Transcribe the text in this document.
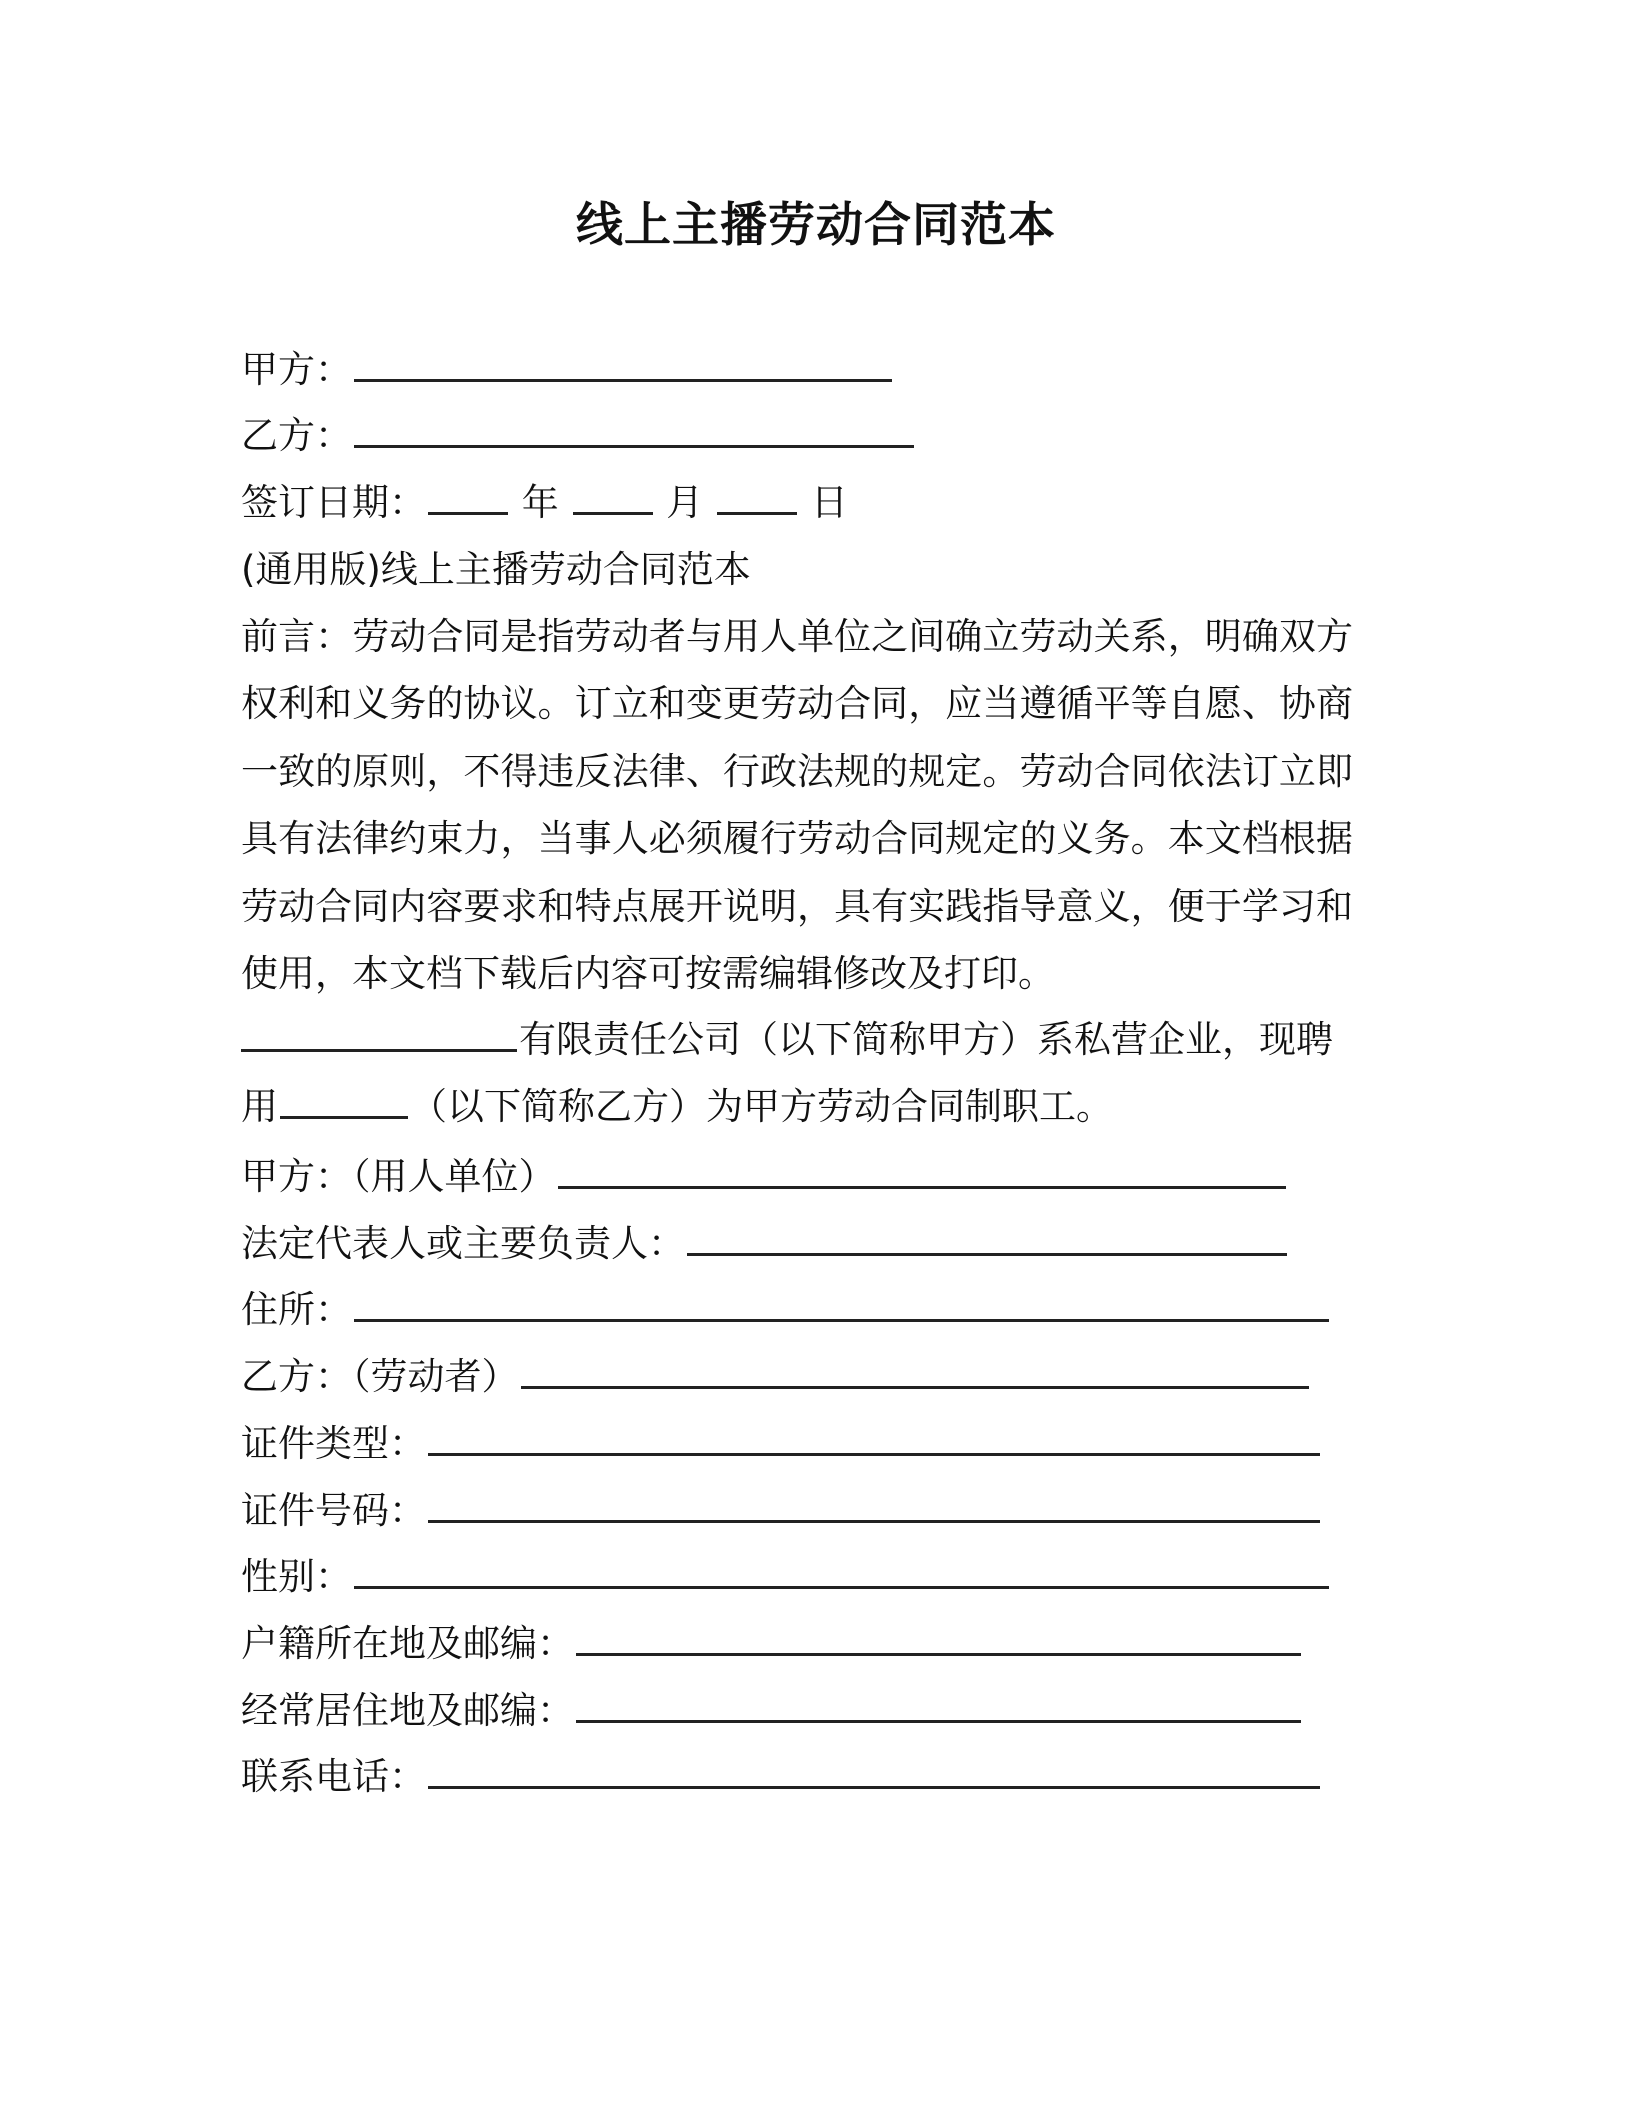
线上主播劳动合同范本
甲方：
乙方：
签订日期：	年	月	日
(通用版)线上主播劳动合同范本
前言：劳动合同是指劳动者与用人单位之间确立劳动关系，明确双方权利和义务的协议。订立和变更劳动合同，应当遵循平等自愿、协商一致的原则，不得违反法律、行政法规的规定。劳动合同依法订立即具有法律约束力，当事人必须履行劳动合同规定的义务。本文档根据劳动合同内容要求和特点展开说明，具有实践指导意义，便于学习和使用，本文档下载后内容可按需编辑修改及打印。
有限责任公司（以下简称甲方）系私营企业，现聘
用	（以下简称乙方）为甲方劳动合同制职工。
甲方：（用人单位）
法定代表人或主要负责人：
住所：
乙方：（劳动者）
证件类型：
证件号码：
性别：
户籍所在地及邮编：
经常居住地及邮编：
联系电话：
